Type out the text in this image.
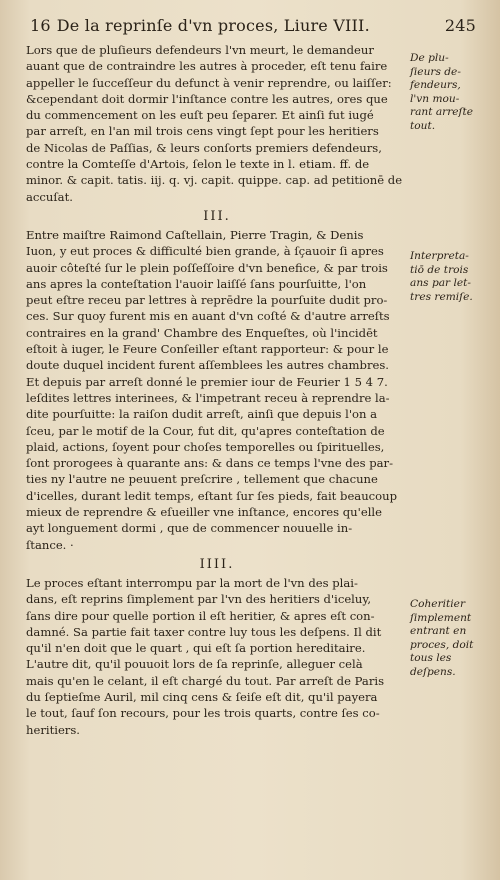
16 De la reprinſe d'vn proces, Liure VIII.	245

Lors que de pluſieurs defendeurs l'vn meurt, le demandeur

auant que de contraindre les autres à proceder, eſt tenu faire

appeller le ſucceſſeur du defunct à venir reprendre, ou laiſſer:

&cependant doit dormir l'inſtance contre les autres, ores que

du commencement on les euſt peu ſeparer. Et ainſi fut iugé

par arreſt, en l'an mil trois cens vingt ſept pour les heritiers

de Nicolas de Paſſias, & leurs conſorts premiers defendeurs,

contre la Comteſſe d'Artois, ſelon le texte in l. etiam. ff. de

minor. & capit. tatis. iij. q. vj. capit. quippe. cap. ad petitionē de

accuſat.

III.

Entre maiſtre Raimond Caſtellain, Pierre Tragin, & Denis

Iuon, y eut proces & difficulté bien grande, à ſçauoir ſi apres

auoir côteſté ſur le plein poſſeſſoire d'vn benefice, & par trois

ans apres la conteſtation l'auoir laiſſé ſans pourſuitte, l'on

peut eſtre receu par lettres à reprēdre la pourſuite dudit pro-

ces. Sur quoy furent mis en auant d'vn coſté & d'autre arreſts

contraires en la grand' Chambre des Enqueſtes, où l'incidēt

eſtoit à iuger, le Feure Conſeiller eſtant rapporteur: & pour le

doute duquel incident furent aſſemblees les autres chambres.

Et depuis par arreſt donné le premier iour de Feurier 1 5 4 7.

leſdites lettres interinees, & l'impetrant receu à reprendre la-

dite pourſuitte: la raiſon dudit arreſt, ainſi que depuis l'on a

ſceu, par le motif de la Cour, fut dit, qu'apres conteſtation de

plaid, actions, ſoyent pour choſes temporelles ou ſpirituelles,

ſont prorogees à quarante ans: & dans ce temps l'vne des par-

ties ny l'autre ne peuuent preſcrire , tellement que chacune

d'icelles, durant ledit temps, eſtant ſur ſes pieds, fait beaucoup

mieux de reprendre & eſueiller vne inſtance, encores qu'elle

ayt longuement dormi , que de commencer nouuelle in-

ſtance. ·

IIII.

Le proces eſtant interrompu par la mort de l'vn des plai-

dans, eſt reprins ſimplement par l'vn des heritiers d'iceluy,

ſans dire pour quelle portion il eſt heritier, & apres eſt con-

damné. Sa partie fait taxer contre luy tous les deſpens. Il dit

qu'il n'en doit que le quart , qui eſt ſa portion hereditaire.

L'autre dit, qu'il pouuoit lors de ſa reprinſe, alleguer celà

mais qu'en le celant, il eſt chargé du tout. Par arreſt de Paris

du ſeptieſme Auril, mil cinq cens & ſeiſe eſt dit, qu'il payera

le tout, ſauf ſon recours, pour les trois quarts, contre ſes co-

heritiers.

De plu-

ſieurs de-

fendeurs,

l'vn mou-

rant arreſte

tout.

Interpreta-

tiō de trois

ans par let-

tres remiſe.

Coheritier

ſimplement

entrant en

proces, doit

tous les

deſpens.
